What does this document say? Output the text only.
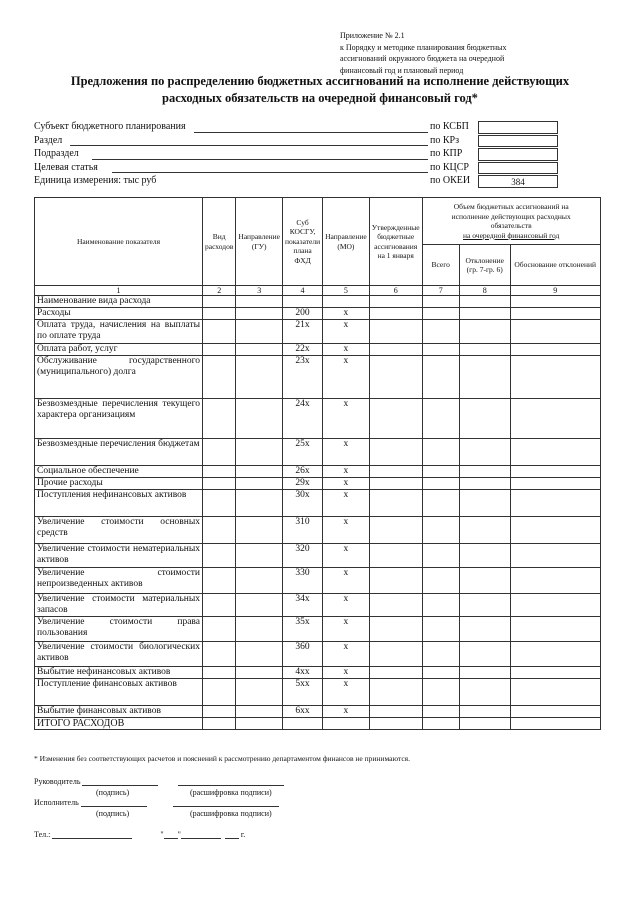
Приложение № 2.1
к Порядку и методике планирования бюджетных
ассигнований окружного бюджета на очередной
финансовый год и плановый период
Предложения по распределению бюджетных ассигнований на исполнение действующих
расходных обязательств на очередной финансовый год*
Субъект бюджетного планирования	по КСБП
Раздел	по КРз
Подраздел	по КПР
Целевая статья	по КЦСР
Единица измерения: тыс руб	по ОКЕИ	384
Наименование показателя	Вид расходов	Направление (ГУ)	Суб КОСГУ, показатели плана ФХД	Направление (МО)	Утвержденные бюджетные ассигнования на 1 января	Объем бюджетных ассигнований на
исполнение действующих расходных
обязательств
на очередной финансовый год		

						Всего	Отклонение (гр. 7-гр. 6)	Обоснование отклонений
1	2	3	4	5	6	7	8	9
Наименование вида расхода								
Расходы			200	x				
Оплата труда, начисления на выплаты по оплате труда			21x	x				
Оплата работ, услуг			22x	x				
Обслуживание государственного (муниципального) долга			23x	x				
Безвозмездные перечисления текущего характера организациям			24x	x				
Безвозмездные перечисления бюджетам			25x	x				
Социальное обеспечение			26x	x				
Прочие расходы			29x	x				
Поступления нефинансовых активов			30x	x				
Увеличение стоимости основных средств			310	x				
Увеличение стоимости нематериальных активов			320	x				
Увеличение стоимости непроизведенных активов			330	x				
Увеличение стоимости материальных запасов			34x	x				
Увеличение стоимости права пользования			35x	x				
Увеличение стоимости биологических активов			360	x				
Выбытие нефинансовых активов			4xx	x				
Поступление финансовых активов			5xx	x				
Выбытие финансовых активов			6xx	x				
ИТОГО РАСХОДОВ								
* Изменения без соответствующих расчетов и пояснений к рассмотрению департаментом финансов не принимаются.
Руководитель
(подпись)	(расшифровка подписи)
Исполнитель
(подпись)	(расшифровка подписи)
Тел.:	" "	г.
